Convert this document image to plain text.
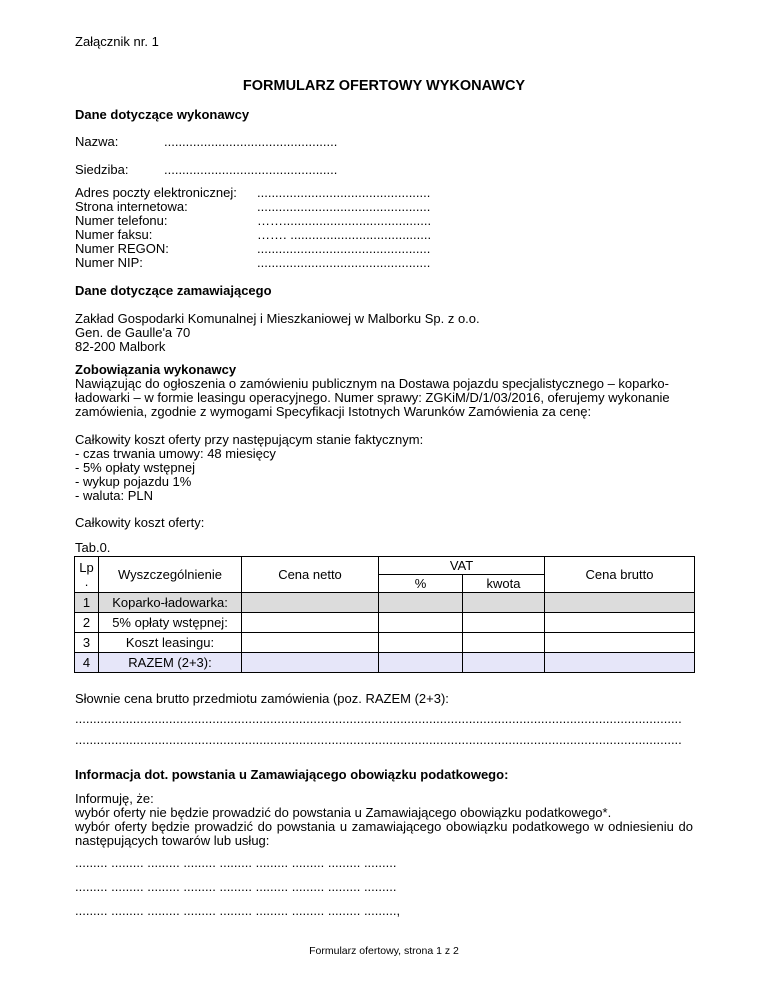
Załącznik nr. 1
FORMULARZ OFERTOWY WYKONAWCY
Dane dotyczące wykonawcy
Nazwa:	................................................
Siedziba:	................................................
Adres poczty elektronicznej: ................................................
Strona internetowa:	................................................
Numer telefonu:	…….........................................
Numer faksu:	……. .......................................
Numer REGON:	................................................
Numer NIP:	................................................
Dane dotyczące zamawiającego
Zakład Gospodarki Komunalnej i Mieszkaniowej w Malborku Sp. z o.o.
Gen. de Gaulle'a 70
82-200 Malbork
Zobowiązania wykonawcy
Nawiązując do ogłoszenia o zamówieniu publicznym na Dostawa pojazdu specjalistycznego – koparko-
ładowarki – w formie leasingu operacyjnego. Numer sprawy: ZGKiM/D/1/03/2016, oferujemy wykonanie
zamówienia, zgodnie z wymogami Specyfikacji Istotnych Warunków Zamówienia za cenę:
Całkowity koszt oferty przy następującym stanie faktycznym:
- czas trwania umowy: 48 miesięcy
- 5% opłaty wstępnej
- wykup pojazdu 1%
- waluta: PLN
Całkowity koszt oferty:
Tab.0.
Lp
.	Wyszczególnienie	Cena netto	VAT		Cena brutto
			%	kwota	
1	Koparko-ładowarka:				
2	5% opłaty wstępnej:				
3	Koszt leasingu:				
4	RAZEM (2+3):				
Słownie cena brutto przedmiotu zamówienia (poz. RAZEM (2+3):
........................................................................................................................................................................
........................................................................................................................................................................
Informacja dot. powstania u Zamawiającego obowiązku podatkowego:
Informuję, że:
wybór oferty nie będzie prowadzić do powstania u Zamawiającego obowiązku podatkowego*.
wybór oferty będzie prowadzić do powstania u zamawiającego obowiązku podatkowego w odniesieniu do
następujących towarów lub usług:
......... ......... ......... ......... ......... ......... ......... ......... .........
......... ......... ......... ......... ......... ......... ......... ......... .........
......... ......... ......... ......... ......... ......... ......... ......... .........,
Formularz ofertowy, strona 1 z 2
